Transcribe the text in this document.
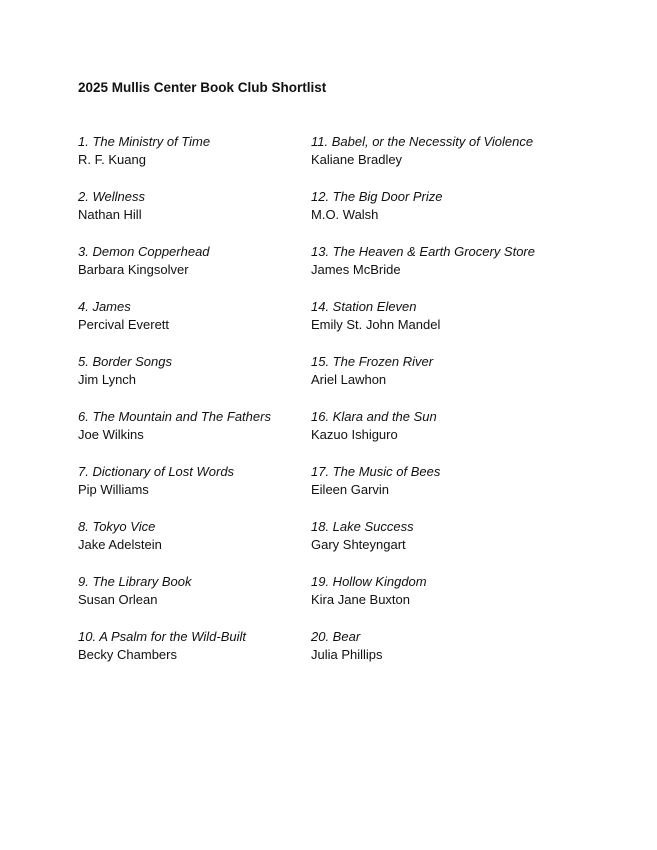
2025 Mullis Center Book Club Shortlist
1. The Ministry of Time
R. F. Kuang
2. Wellness
Nathan Hill
3. Demon Copperhead
Barbara Kingsolver
4. James
Percival Everett
5. Border Songs
Jim Lynch
6. The Mountain and The Fathers
Joe Wilkins
7. Dictionary of Lost Words
Pip Williams
8. Tokyo Vice
Jake Adelstein
9. The Library Book
Susan Orlean
10. A Psalm for the Wild-Built
Becky Chambers
11. Babel, or the Necessity of Violence
Kaliane Bradley
12. The Big Door Prize
M.O. Walsh
13. The Heaven & Earth Grocery Store
James McBride
14. Station Eleven
Emily St. John Mandel
15. The Frozen River
Ariel Lawhon
16. Klara and the Sun
Kazuo Ishiguro
17. The Music of Bees
Eileen Garvin
18. Lake Success
Gary Shteyngart
19. Hollow Kingdom
Kira Jane Buxton
20. Bear
Julia Phillips
